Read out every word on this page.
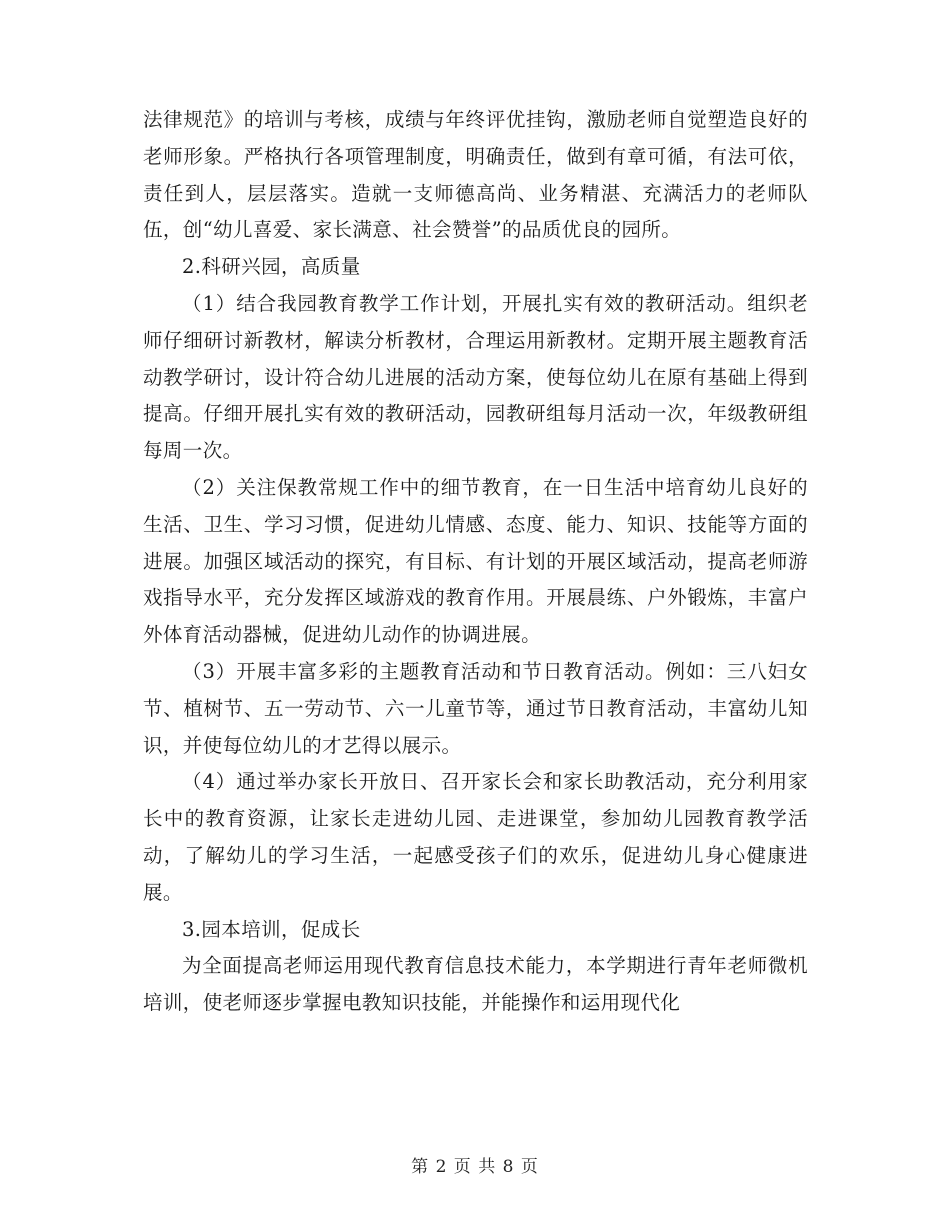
法律规范》的培训与考核，成绩与年终评优挂钩，激励老师自觉塑造良好的老师形象。严格执行各项管理制度，明确责任，做到有章可循，有法可依，责任到人，层层落实。造就一支师德高尚、业务精湛、充满活力的老师队伍，创“幼儿喜爱、家长满意、社会赞誉”的品质优良的园所。

2.科研兴园，高质量

（1）结合我园教育教学工作计划，开展扎实有效的教研活动。组织老师仔细研讨新教材，解读分析教材，合理运用新教材。定期开展主题教育活动教学研讨，设计符合幼儿进展的活动方案，使每位幼儿在原有基础上得到提高。仔细开展扎实有效的教研活动，园教研组每月活动一次，年级教研组每周一次。

（2）关注保教常规工作中的细节教育，在一日生活中培育幼儿良好的生活、卫生、学习习惯，促进幼儿情感、态度、能力、知识、技能等方面的进展。加强区域活动的探究，有目标、有计划的开展区域活动，提高老师游戏指导水平，充分发挥区域游戏的教育作用。开展晨练、户外锻炼，丰富户外体育活动器械，促进幼儿动作的协调进展。

（3）开展丰富多彩的主题教育活动和节日教育活动。例如：三八妇女节、植树节、五一劳动节、六一儿童节等，通过节日教育活动，丰富幼儿知识，并使每位幼儿的才艺得以展示。

（4）通过举办家长开放日、召开家长会和家长助教活动，充分利用家长中的教育资源，让家长走进幼儿园、走进课堂，参加幼儿园教育教学活动，了解幼儿的学习生活，一起感受孩子们的欢乐，促进幼儿身心健康进展。

3.园本培训，促成长

为全面提高老师运用现代教育信息技术能力，本学期进行青年老师微机培训，使老师逐步掌握电教知识技能，并能操作和运用现代化

第 2 页 共 8 页
